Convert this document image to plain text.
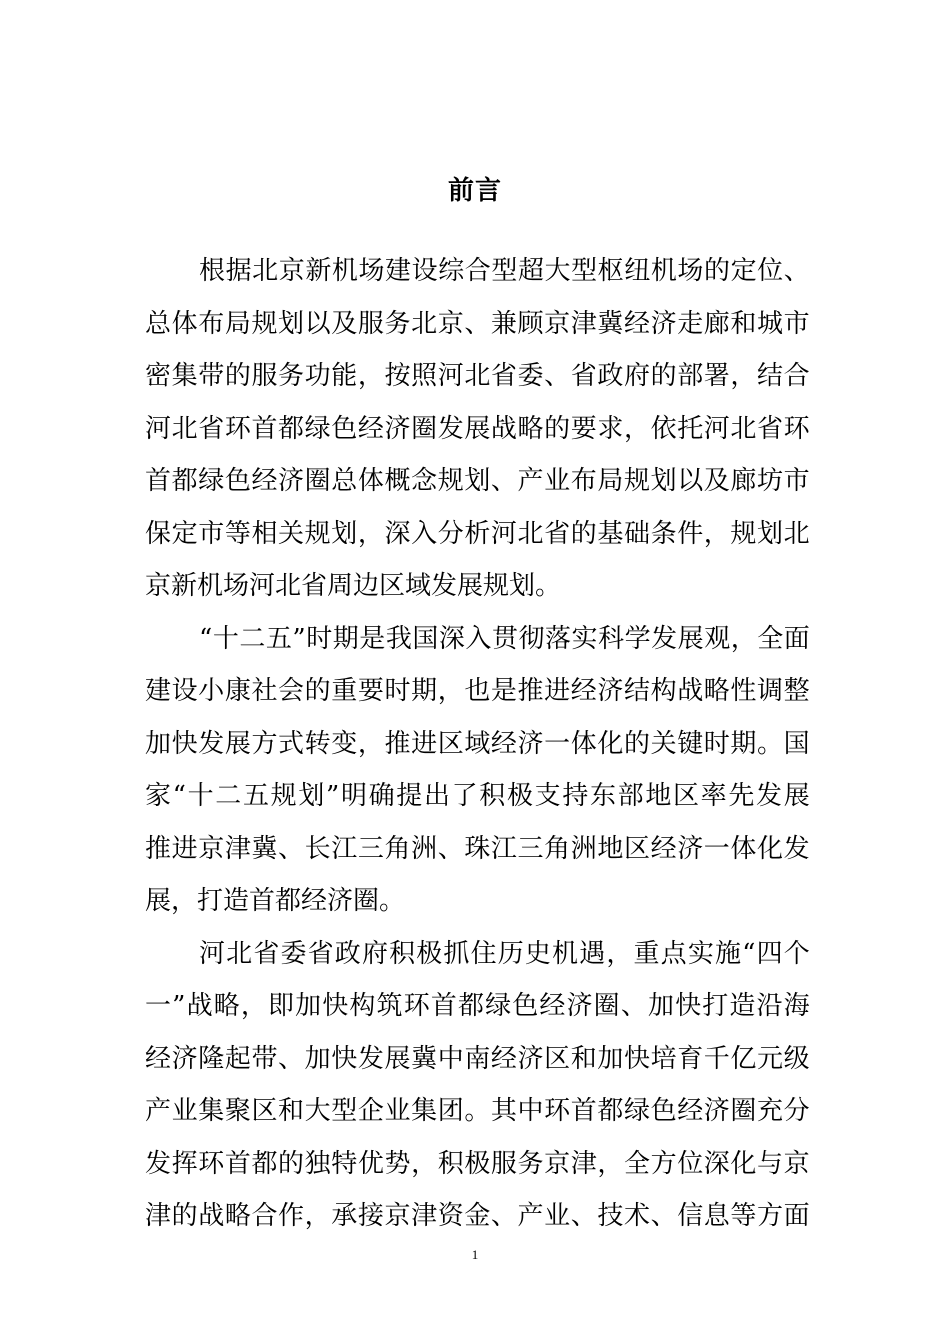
前言
根 据 北 京 新 机 场 建 设 综 合 型 超 大 型 枢 纽 机 场 的 定 位 、
总 体 布 局 规 划 以 及 服 务 北 京 、 兼 顾 京 津 冀 经 济 走 廊 和 城 市
密 集 带 的 服 务 功 能 ， 按 照 河 北 省 委 、 省 政 府 的 部 署 ， 结 合
河 北 省 环 首 都 绿 色 经 济 圈 发 展 战 略 的 要 求 ， 依 托 河 北 省 环
首 都 绿 色 经 济 圈 总 体 概 念 规 划 、 产 业 布 局 规 划 以 及 廊 坊 市
保 定 市 等 相 关 规 划 ， 深 入 分 析 河 北 省 的 基 础 条 件 ， 规 划 北
京新机场河北省周边区域发展规划。
“ 十 二 五 ” 时 期 是 我 国 深 入 贯 彻 落 实 科 学 发 展 观 ， 全 面
建 设 小 康 社 会 的 重 要 时 期 ， 也 是 推 进 经 济 结 构 战 略 性 调 整
加 快 发 展 方 式 转 变 ， 推 进 区 域 经 济 一 体 化 的 关 键 时 期 。 国
家 “ 十 二 五 规 划 ” 明 确 提 出 了 积 极 支 持 东 部 地 区 率 先 发 展
推 进 京 津 冀 、 长 江 三 角 洲 、 珠 江 三 角 洲 地 区 经 济 一 体 化 发
展，打造首都经济圈。
河 北 省 委 省 政 府 积 极 抓 住 历 史 机 遇 ， 重 点 实 施 “ 四 个
一 ” 战 略 ， 即 加 快 构 筑 环 首 都 绿 色 经 济 圈 、 加 快 打 造 沿 海
经 济 隆 起 带 、 加 快 发 展 冀 中 南 经 济 区 和 加 快 培 育 千 亿 元 级
产 业 集 聚 区 和 大 型 企 业 集 团 。 其 中 环 首 都 绿 色 经 济 圈 充 分
发 挥 环 首 都 的 独 特 优 势 ， 积 极 服 务 京 津 ， 全 方 位 深 化 与 京
津 的 战 略 合 作 ， 承 接 京 津 资 金 、 产 业 、 技 术 、 信 息 等 方 面
1
